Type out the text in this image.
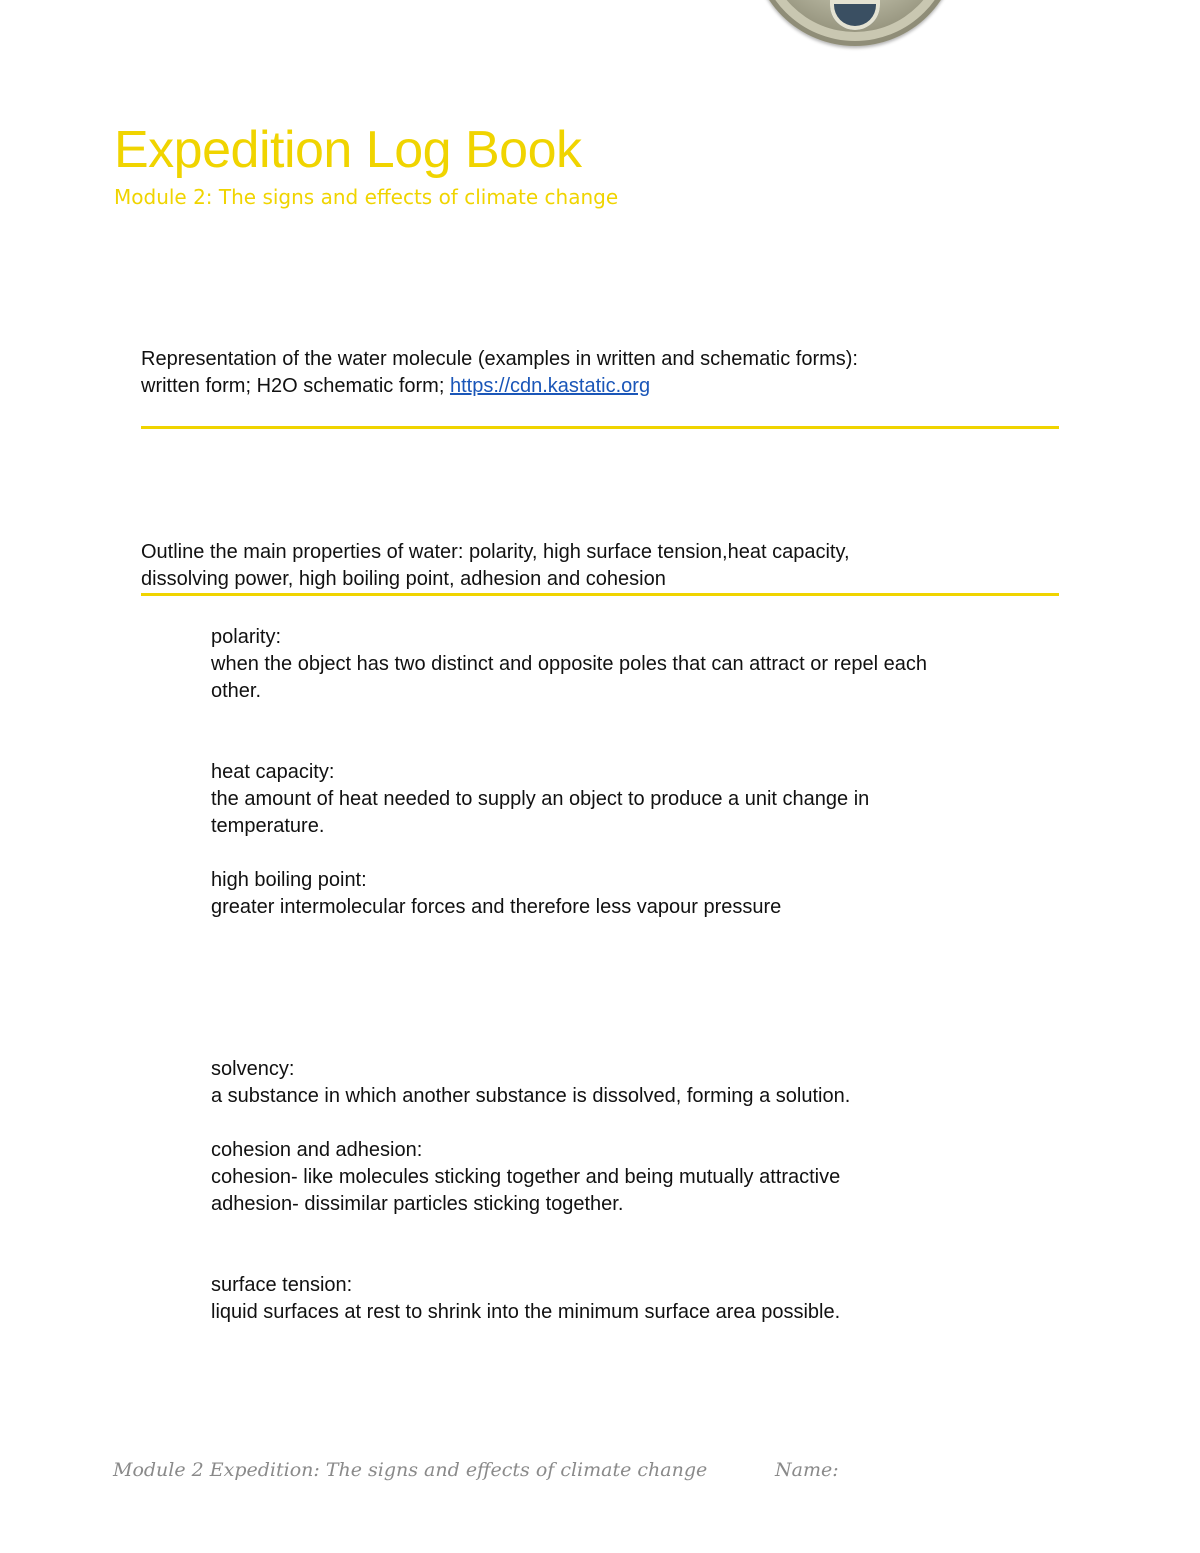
Expedition Log Book
Module 2: The signs and effects of climate change

Representation of the water molecule (examples in written and schematic forms):
written form; H2O schematic form; https://cdn.kastatic.org

Outline the main properties of water: polarity, high surface tension,heat capacity,
dissolving power, high boiling point, adhesion and cohesion

polarity:
when the object has two distinct and opposite poles that can attract or repel each
other.
heat capacity:
the amount of heat needed to supply an object to produce a unit change in
temperature.
high boiling point:
greater intermolecular forces and therefore less vapour pressure
solvency:
a substance in which another substance is dissolved, forming a solution.
cohesion and adhesion:
cohesion- like molecules sticking together and being mutually attractive
adhesion- dissimilar particles sticking together.
surface tension:
liquid surfaces at rest to shrink into the minimum surface area possible.
Module 2 Expedition: The signs and effects of climate change	Name:
